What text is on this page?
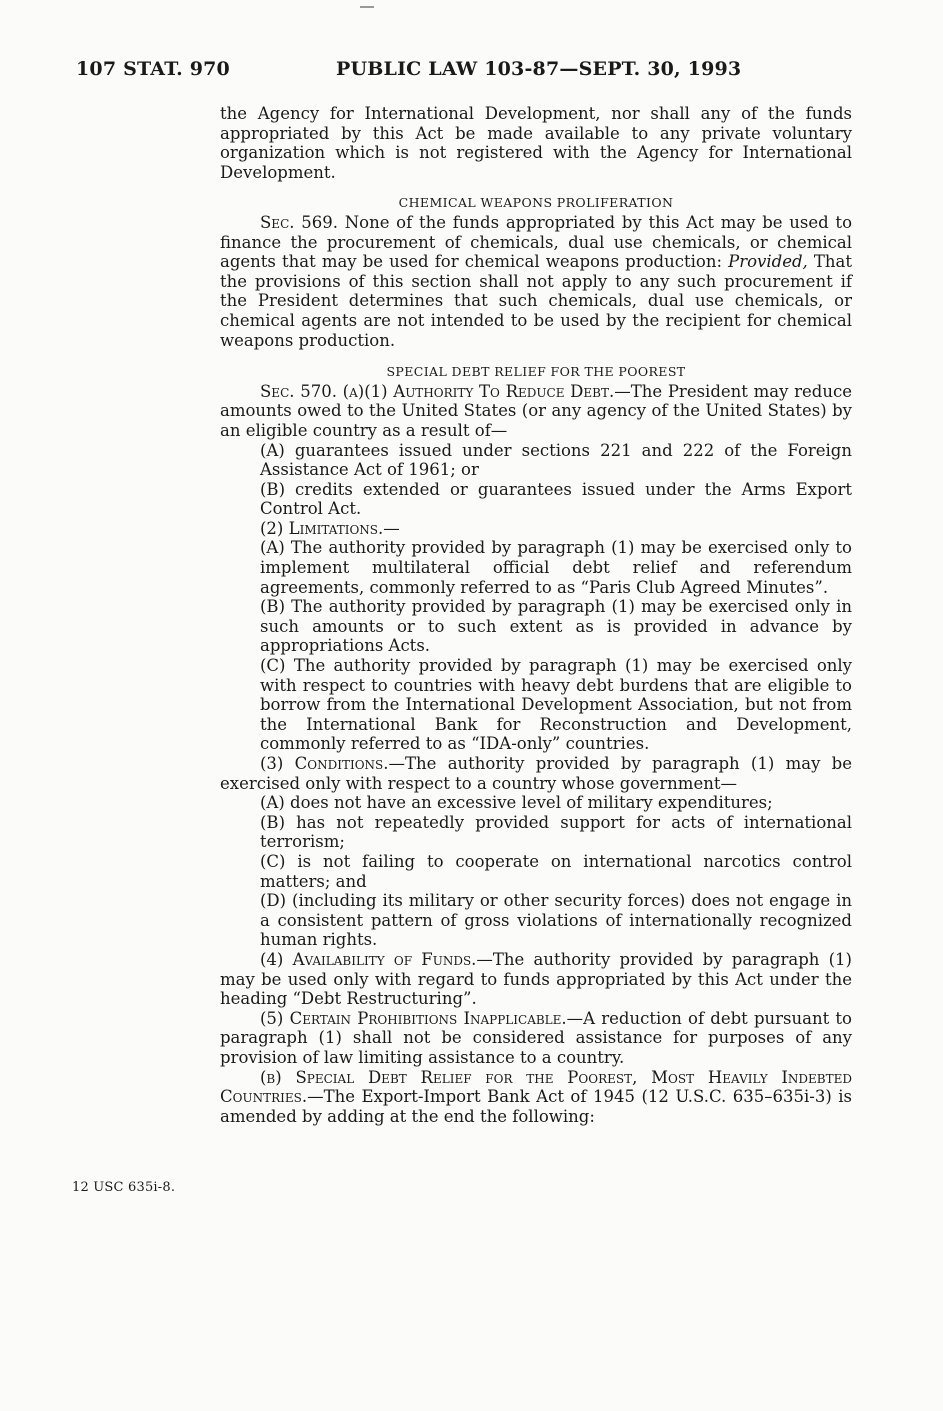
107 STAT. 970	PUBLIC LAW 103-87—SEPT. 30, 1993
12 USC 635i-8.

the Agency for International Development, nor shall any of the funds appropriated by this Act be made available to any private voluntary organization which is not registered with the Agency for International Development.

CHEMICAL WEAPONS PROLIFERATION

Sec. 569. None of the funds appropriated by this Act may be used to finance the procurement of chemicals, dual use chemicals, or chemical agents that may be used for chemical weapons production: Provided, That the provisions of this section shall not apply to any such procurement if the President determines that such chemicals, dual use chemicals, or chemical agents are not intended to be used by the recipient for chemical weapons production.

SPECIAL DEBT RELIEF FOR THE POOREST

Sec. 570. (a)(1) Authority To Reduce Debt.—The President may reduce amounts owed to the United States (or any agency of the United States) by an eligible country as a result of—

(A) guarantees issued under sections 221 and 222 of the Foreign Assistance Act of 1961; or

(B) credits extended or guarantees issued under the Arms Export Control Act.

(2) Limitations.—

(A) The authority provided by paragraph (1) may be exercised only to implement multilateral official debt relief and referendum agreements, commonly referred to as “Paris Club Agreed Minutes”.

(B) The authority provided by paragraph (1) may be exercised only in such amounts or to such extent as is provided in advance by appropriations Acts.

(C) The authority provided by paragraph (1) may be exercised only with respect to countries with heavy debt burdens that are eligible to borrow from the International Development Association, but not from the International Bank for Reconstruction and Development, commonly referred to as “IDA-only” countries.

(3) Conditions.—The authority provided by paragraph (1) may be exercised only with respect to a country whose government—

(A) does not have an excessive level of military expenditures;

(B) has not repeatedly provided support for acts of international terrorism;

(C) is not failing to cooperate on international narcotics control matters; and

(D) (including its military or other security forces) does not engage in a consistent pattern of gross violations of internationally recognized human rights.

(4) Availability of Funds.—The authority provided by paragraph (1) may be used only with regard to funds appropriated by this Act under the heading “Debt Restructuring”.

(5) Certain Prohibitions Inapplicable.—A reduction of debt pursuant to paragraph (1) shall not be considered assistance for purposes of any provision of law limiting assistance to a country.

(b) Special Debt Relief for the Poorest, Most Heavily Indebted Countries.—The Export-Import Bank Act of 1945 (12 U.S.C. 635–635i-3) is amended by adding at the end the following:
